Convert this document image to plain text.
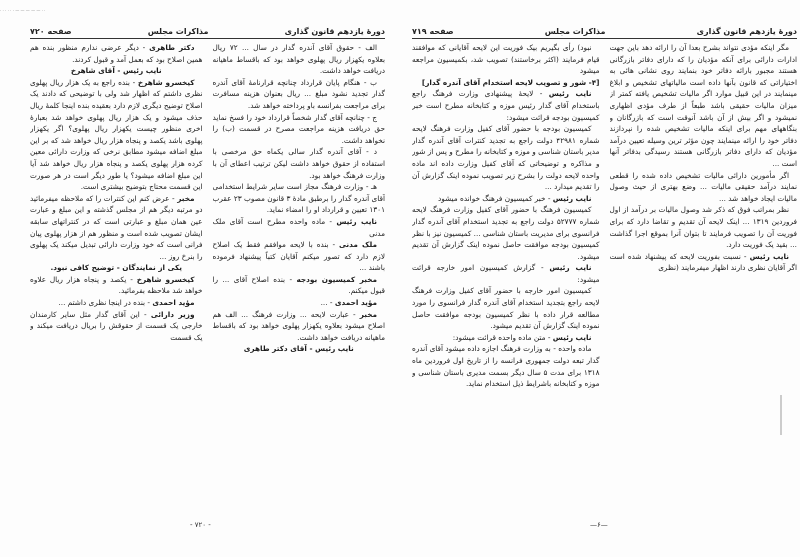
· · · · · · — — — — — · ·
دورهٔ یازدهم قانون گذاری
مذاکرات مجلس
صفحه ۷۲۰

الف - حقوق آقای آندره گدار در سال ... ۷۲ ریال بعلاوه یکهزار ریال پهلوی خواهد بود که باقساط ماهیانه دریافت خواهد داشت.

ب - هنگام پایان قرارداد چنانچه قرارنامهٔ آقای آندره گدار تجدید نشود مبلغ ... ریال بعنوان هزینه مسافرت برای مراجعت بفرانسه باو پرداخته خواهد شد.

ج - چنانچه آقای گدار شخصاً قرارداد خود را فسخ نماید حق دریافت هزینه مراجعت مصرح در قسمت (ب) را نخواهد داشت.

د - آقای آندره گدار سالی یکماه حق مرخصی با استفاده از حقوق خواهد داشت لیکن ترتیب اعطای آن با وزارت فرهنگ خواهد بود.

هـ - وزارت فرهنگ مجاز است سایر شرایط استخدامی آقای آندره گدار را برطبق مادهٔ ۳ قانون مصوب ۲۳ عقرب ۱۳۰۱ تعیین و قرارداد او را امضاء نماید.

نایب رئیس - ماده واحده مطرح است آقای ملک مدنی

ملک مدنی - بنده با لایحه موافقم فقط یک اصلاح لازم دارد که تصور میکنم آقایان کتباً پیشنهاد فرموده باشند ...

مخبر کمیسیون بودجه - بنده اصلاح آقای ... را قبول میکنم.

مؤید احمدی - ...

مخبر - عبارت لایحه ... وزارت فرهنگ ... الف هم اصلاح میشود بعلاوه یکهزار پهلوی خواهد بود که باقساط ماهیانه دریافت خواهد داشت.

نایب رئیس - آقای دکتر طاهری

دکتر طاهری - دیگر عرضی ندارم منظور بنده هم همین اصلاح بود که بعمل آمد و قبول کردند.

نایب رئیس - آقای شاهرخ

کیخسرو شاهرخ - بنده راجع به یک هزار ریال پهلوی نظری داشتم که اظهار شد ولی با توضیحی که دادند یک اصلاح توضیح دیگری لازم دارد بعقیده بنده اینجا کلمهٔ ریال حذف میشود و یک هزار ریال پهلوی خواهد شد بعبارهٔ اخری منظور چیست یکهزار ریال پهلوی؟ اگر یکهزار پهلوی باشد یکصد و پنجاه هزار ریال خواهد شد که بر این مبلغ اضافه میشود مطابق نرخی که وزارت دارائی معین کرده هزار پهلوی یکصد و پنجاه هزار ریال خواهد شد آیا این مبلغ اضافه میشود؟ یا طور دیگر است در هر صورت این قسمت محتاج بتوضیح بیشتری است.

مخبر - عرض کنم این کنترات را که ملاحظه میفرمائید دو مرتبه دیگر هم از مجلس گذشته و این مبلغ و عبارت عین همان مبلغ و عبارتی است که در کنتراتهای سابقه ایشان تصویب شده است و منظور هم از هزار پهلوی پیان فرانی است که خود وزارت دارائی تبدیل میکند یک پهلوی را بنرخ روز ...

یکی از نمایندگان - توضیح کافی نبود.

کیخسرو شاهرخ - یکصد و پنجاه هزار ریال علاوه خواهد شد ملاحظه بفرمائید.

مؤید احمدی - بنده در اینجا نظری داشتم ...

وزیر دارائی - این آقای گدار مثل سایر کارمندان خارجی یک قسمت از حقوقش را بریال دریافت میکند و یک قسمت

- ۷۲۰ -
دورهٔ یازدهم قانون گذاری
مذاکرات مجلس
صفحه ۷۱۹

مگر اینکه مؤدی نتواند بشرح بعدا آن را ارائه دهد باین جهت ادارات دارائی برای آنکه مؤدیان را که دارای دفاتر بازرگانی هستند مجبور بارائه دفاتر خود بنمایند روی نشانی هائی به اختیاراتی که قانون بآنها داده است مالیاتهای تشخیص و ابلاغ مینمایند در این قبیل موارد اگر مالیات تشخیص یافته کمتر از میزان مالیات حقیقی باشد طبعاً از طرف مؤدی اظهاری نمیشود و اگر بیش از آن باشد آنوقت است که بازرگانان و بنگاههای مهم برای اینکه مالیات تشخیص شده را نپردازند دفاتر خود را ارائه مینمایند چون مؤثر ترین وسیله تعیین درآمد مؤدیان که دارای دفاتر بازرگانی هستند رسیدگی بدفاتر آنها است ...

اگر مأمورین دارائی مالیات تشخیص داده شده را قطعی نمایند درآمد حقیقی مالیات ... وضع بهتری از حیث وصول مالیات ایجاد خواهد شد ...

نظر بمراتب فوق که ذکر شد وصول مالیات بر درآمد از اول فروردین ۱۳۱۹ ... اینک لایحه آن تقدیم و تقاضا دارد که برای فوریت آن را تصویب فرمایند تا بتوان آنرا بموقع اجرا گذاشت ... بقید یک فوریت دارد.

نایب رئیس - نسبت بفوریت لایحه که پیشنهاد شده است اگر آقایان نظری دارند اظهار میفرمایند (نظری

نبود) رأی بگیریم بیک فوریت این لایحه آقایانی که موافقند قیام فرمایند (اکثر برخاستند) تصویب شد، بکمیسیون مراجعه میشود

[۴- شور و تصویب لایحه استخدام آقای آندره گدار]

نایب رئیس - لایحهٔ پیشنهادی وزارت فرهنگ راجع باستخدام آقای گدار رئیس موزه و کتابخانه مطرح است خبر کمیسیون بودجه قرائت میشود:

کمیسیون بودجه با حضور آقای کفیل وزارت فرهنگ لایحه شماره ۴۲۹۸۱ دولت راجع به تجدید کنترات آقای آندره گدار مدیر باستان شناسی و موزه و کتابخانه را مطرح و پس از شور و مذاکره و توضیحاتی که آقای کفیل وزارت داده اند ماده واحده لایحه دولت را بشرح زیر تصویب نموده اینک گزارش آن را تقدیم میدارد ...

نایب رئیس - خبر کمیسیون فرهنگ خوانده میشود

کمیسیون فرهنگ با حضور آقای کفیل وزارت فرهنگ لایحه شماره ۵۲۷۷۷ دولت راجع به تجدید استخدام آقای آندره گدار فرانسوی برای مدیریت باستان شناسی ... کمیسیون نیز با نظر کمیسیون بودجه موافقت حاصل نموده اینک گزارش آن تقدیم میشود.

نایب رئیس - گزارش کمیسیون امور خارجه قرائت میشود:

کمیسیون امور خارجه با حضور آقای کفیل وزارت فرهنگ لایحه راجع بتجدید استخدام آقای آندره گدار فرانسوی را مورد مطالعه قرار داده با نظر کمیسیون بودجه موافقت حاصل نموده اینک گزارش آن تقدیم میشود.

نایب رئیس - متن ماده واحده قرائت میشود:

ماده واحده - به وزارت فرهنگ اجازه داده میشود آقای آندره گدار تبعه دولت جمهوری فرانسه را از تاریخ اول فروردین ماه ۱۳۱۸ برای مدت ۵ سال دیگر بسمت مدیری باستان شناسی و موزه و کتابخانه باشرایط ذیل استخدام نماید.

—۶—
